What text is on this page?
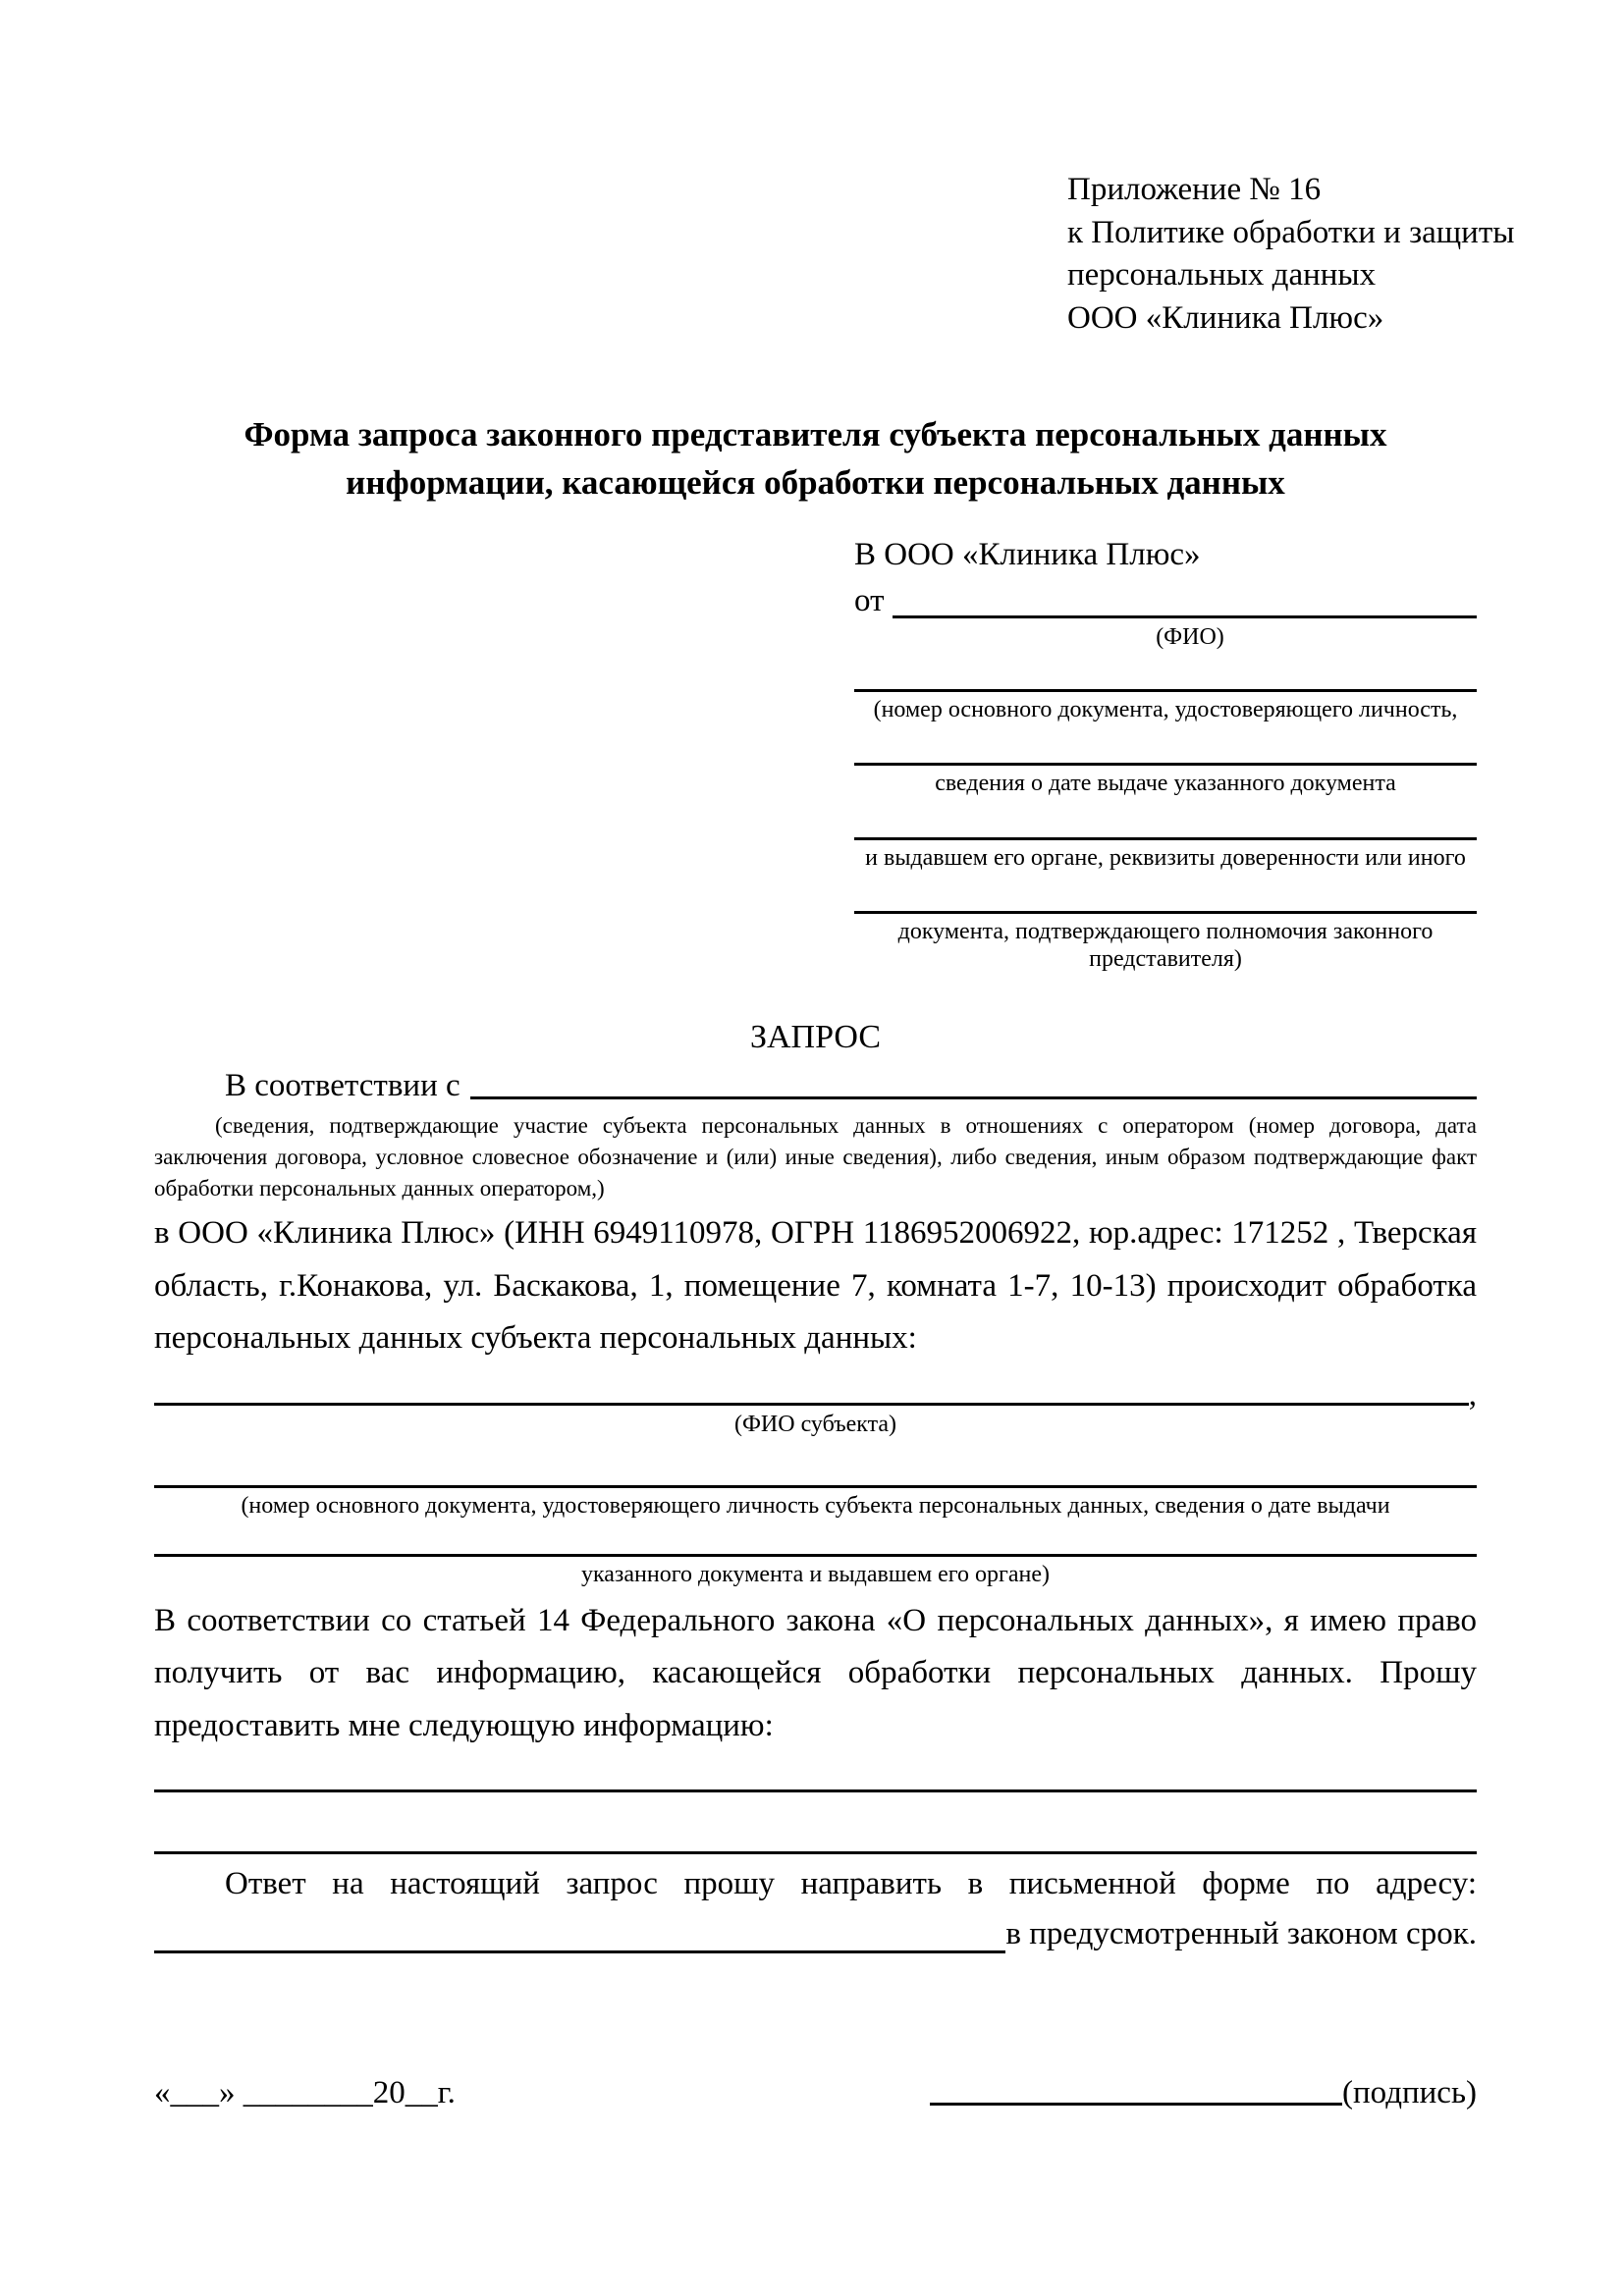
Приложение № 16
к Политике обработки и защиты
персональных данных
ООО «Клиника Плюс»
Форма запроса законного представителя субъекта персональных данных
информации, касающейся обработки персональных данных
В ООО «Клиника Плюс»
от
(ФИО)
(номер основного документа, удостоверяющего личность,
сведения о дате выдаче указанного документа
и выдавшем его органе, реквизиты доверенности или иного
документа, подтверждающего полномочия законного представителя)
ЗАПРОС
В соответствии с
(сведения, подтверждающие участие субъекта персональных данных в отношениях с оператором (номер договора, дата заключения договора, условное словесное обозначение и (или) иные сведения), либо сведения, иным образом подтверждающие факт обработки персональных данных оператором,)
в ООО «Клиника Плюс» (ИНН 6949110978, ОГРН 1186952006922, юр.адрес: 171252 , Тверская область, г.Конакова, ул. Баскакова, 1, помещение 7, комната 1-7, 10-13) происходит обработка персональных данных субъекта персональных данных:
,
(ФИО субъекта)
(номер основного документа, удостоверяющего личность субъекта персональных данных, сведения о дате выдачи
указанного документа и выдавшем его органе)
В соответствии со статьей 14 Федерального закона «О персональных данных», я имею право получить от вас информацию, касающейся обработки персональных данных. Прошу предоставить мне следующую информацию:
Ответ на настоящий запрос прошу направить в письменной форме по адресу:
в предусмотренный законом срок.
«___» ________20__г.	(подпись)
